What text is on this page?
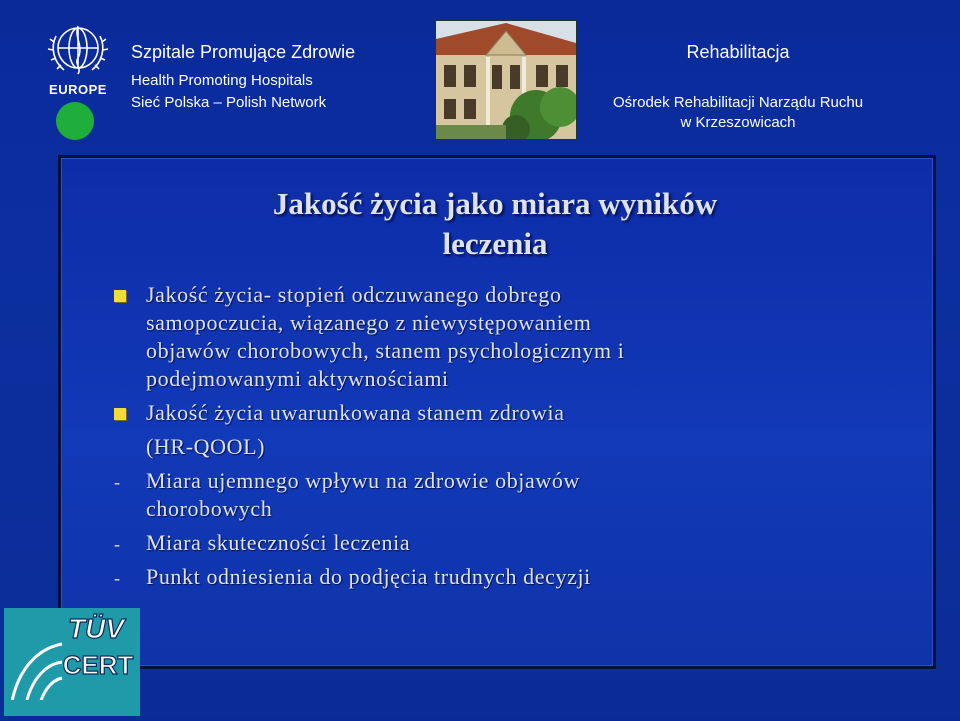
EUROPE
Szpitale Promujące Zdrowie
Health Promoting Hospitals
Sieć Polska – Polish Network
Rehabilitacja
Ośrodek Rehabilitacji Narządu Ruchu
w Krzeszowicach
Jakość życia jako miara wyników
leczenia
Jakość życia- stopień odczuwanego dobrego
samopoczucia, wiązanego z niewystępowaniem
objawów chorobowych, stanem psychologicznym i
podejmowanymi aktywnościami
Jakość życia uwarunkowana stanem zdrowia
(HR-QOOL)
- Miara ujemnego wpływu na zdrowie objawów
chorobowych
- Miara skuteczności leczenia
- Punkt odniesienia do podjęcia trudnych decyzji
TÜV
CERT
